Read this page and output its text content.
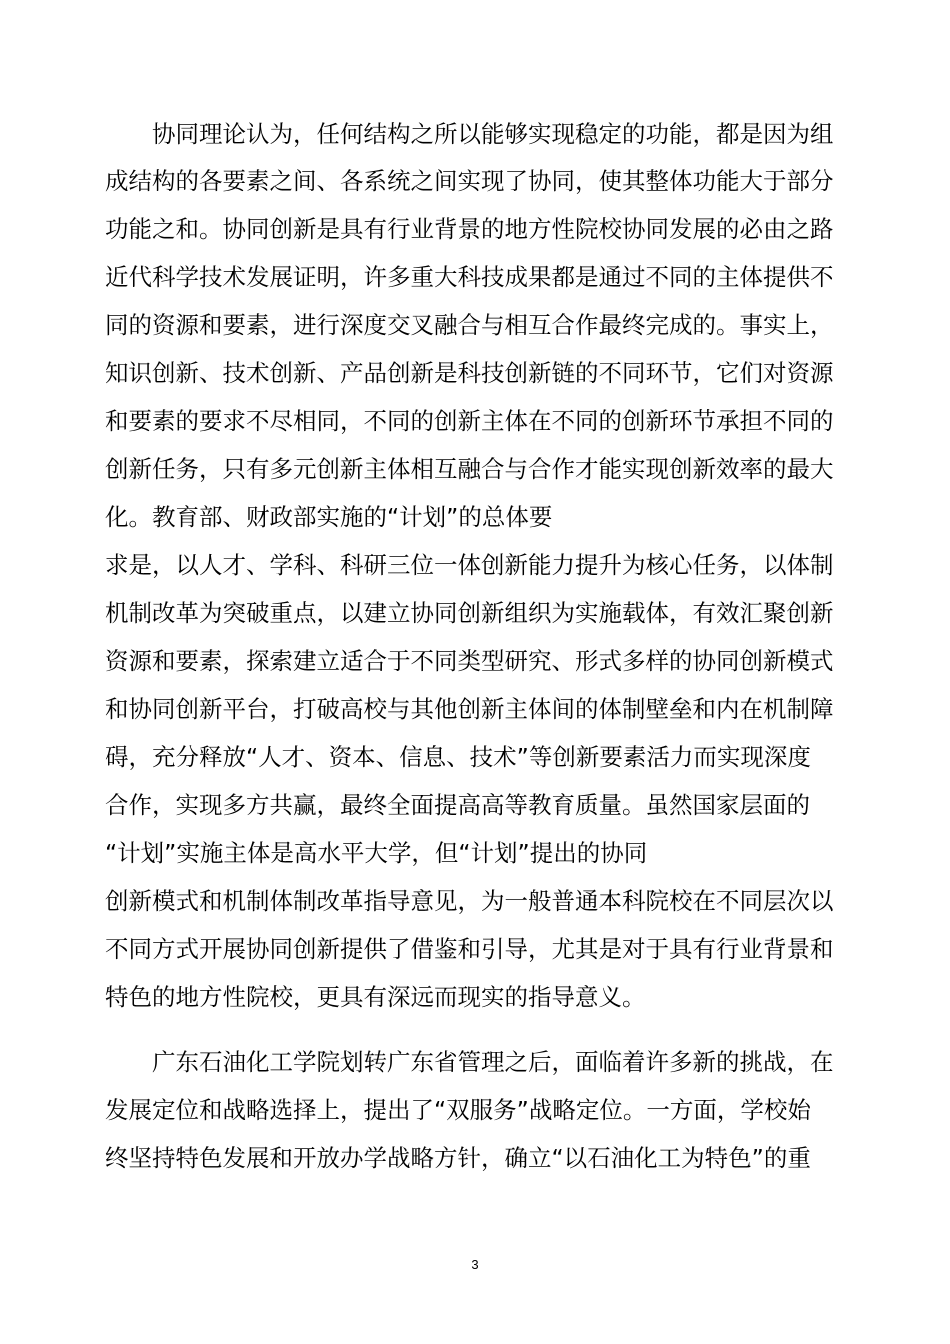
协同理论认为，任何结构之所以能够实现稳定的功能，都是因为组
成结构的各要素之间、各系统之间实现了协同，使其整体功能大于部分
功能之和。协同创新是具有行业背景的地方性院校协同发展的必由之路
近代科学技术发展证明，许多重大科技成果都是通过不同的主体提供不
同的资源和要素，进行深度交叉融合与相互合作最终完成的。事实上，
知识创新、技术创新、产品创新是科技创新链的不同环节，它们对资源
和要素的要求不尽相同，不同的创新主体在不同的创新环节承担不同的
创新任务，只有多元创新主体相互融合与合作才能实现创新效率的最大
化。教育部、财政部实施的“计划”的总体要
求是，以人才、学科、科研三位一体创新能力提升为核心任务，以体制
机制改革为突破重点，以建立协同创新组织为实施载体，有效汇聚创新
资源和要素，探索建立适合于不同类型研究、形式多样的协同创新模式
和协同创新平台，打破高校与其他创新主体间的体制壁垒和内在机制障
碍，充分释放“人才、资本、信息、技术”等创新要素活力而实现深度
合作，实现多方共赢，最终全面提高高等教育质量。虽然国家层面的
“计划”实施主体是高水平大学，但“计划”提出的协同
创新模式和机制体制改革指导意见，为一般普通本科院校在不同层次以
不同方式开展协同创新提供了借鉴和引导，尤其是对于具有行业背景和
特色的地方性院校，更具有深远而现实的指导意义。
广东石油化工学院划转广东省管理之后，面临着许多新的挑战，在
发展定位和战略选择上，提出了“双服务”战略定位。一方面，学校始
终坚持特色发展和开放办学战略方针，确立“以石油化工为特色”的重
3
